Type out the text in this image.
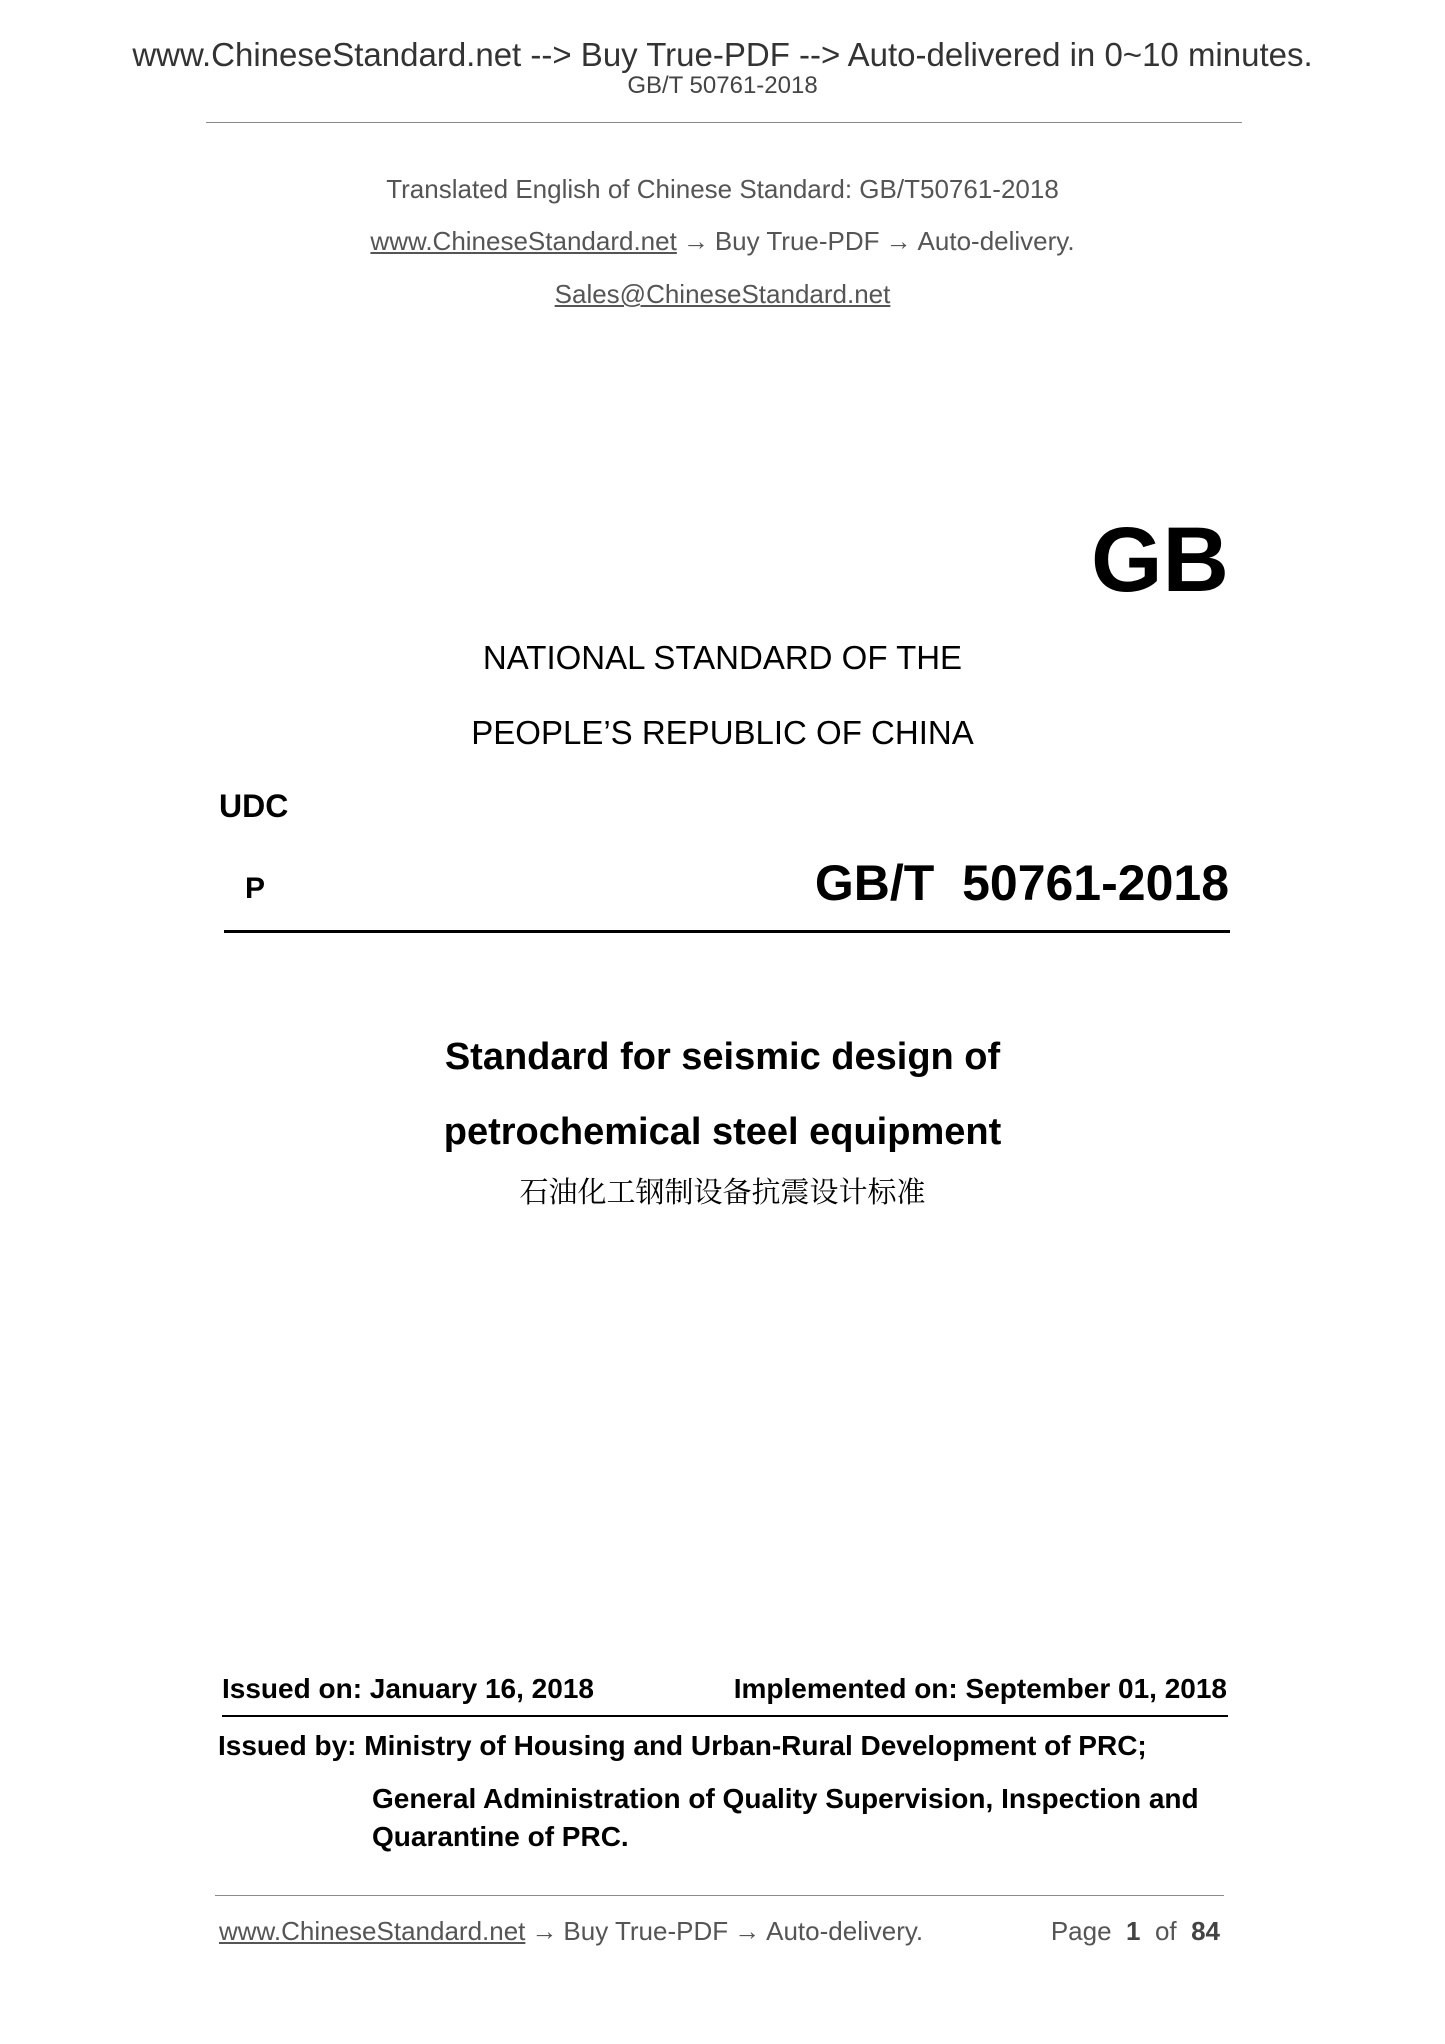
www.ChineseStandard.net --> Buy True-PDF --> Auto-delivered in 0~10 minutes.
GB/T 50761-2018
Translated English of Chinese Standard: GB/T50761-2018
www.ChineseStandard.net → Buy True-PDF → Auto-delivery.
Sales@ChineseStandard.net
GB
NATIONAL STANDARD OF THE
PEOPLE’S REPUBLIC OF CHINA
UDC
P	GB/T  50761-2018
Standard for seismic design of
petrochemical steel equipment
石油化工钢制设备抗震设计标准
Issued on: January 16, 2018	Implemented on: September 01, 2018
Issued by: Ministry of Housing and Urban-Rural Development of PRC;
General Administration of Quality Supervision, Inspection and
Quarantine of PRC.
www.ChineseStandard.net → Buy True-PDF → Auto-delivery.	Page 1 of 84
